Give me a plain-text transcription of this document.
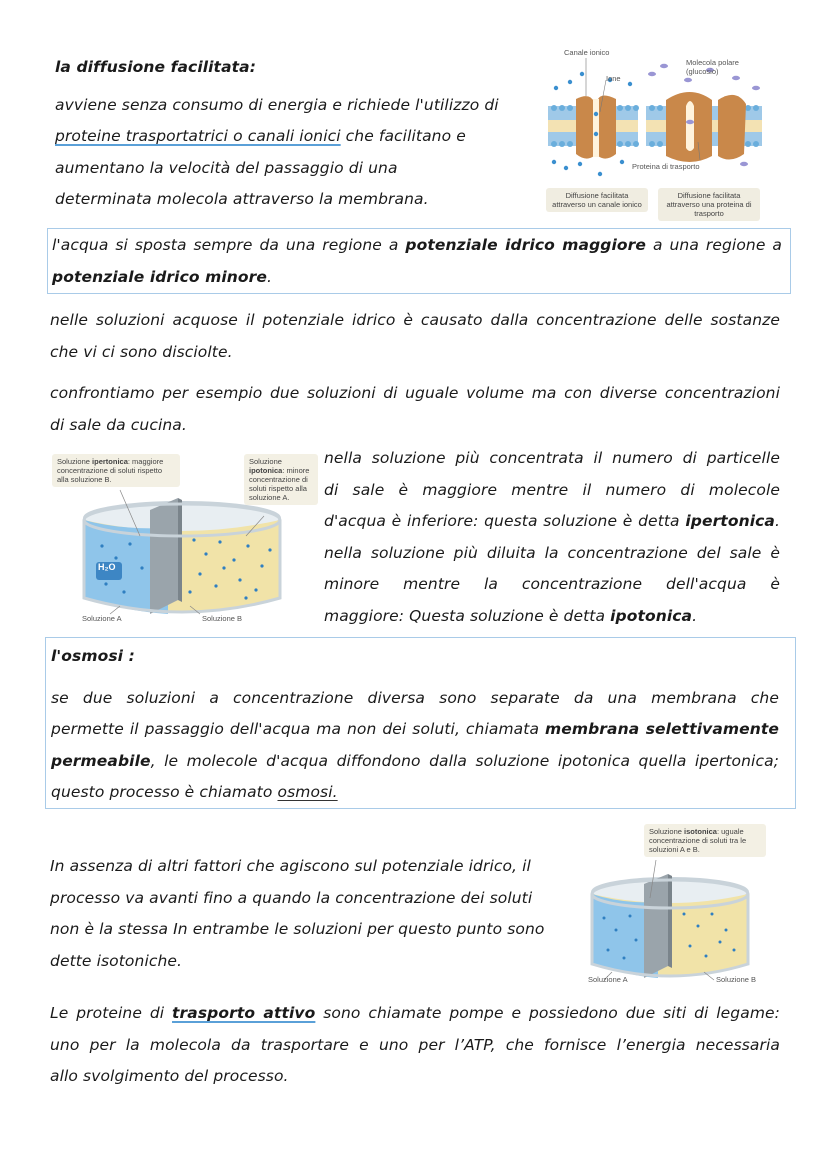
la diffusione facilitata:
avviene senza consumo di energia e richiede l'utilizzo di
proteine trasportatrici o canali ionici che facilitano e
aumentano la velocità del passaggio di una
determinata molecola attraverso la membrana.
Canale ionico
Ione
Molecola polare (glucosio)
Proteina di trasporto
Diffusione facilitata attraverso un canale ionico
Diffusione facilitata attraverso una proteina di trasporto
l'acqua si sposta sempre da una regione a potenziale idrico maggiore a una regione a
potenziale idrico minore.
nelle soluzioni acquose il potenziale idrico è causato dalla concentrazione delle sostanze
che vi ci sono disciolte.
confrontiamo per esempio due soluzioni di uguale volume ma con diverse concentrazioni
di sale da cucina.
H₂O
Soluzione ipertonica: maggiore concentrazione di soluti rispetto alla soluzione B.
Soluzione ipotonica: minore concentrazione di soluti rispetto alla soluzione A.
Soluzione A	Soluzione B
nella soluzione più concentrata il numero di particelle
di sale è maggiore mentre il numero di molecole
d'acqua è inferiore: questa soluzione è detta ipertonica.
nella soluzione più diluita la concentrazione del sale è
minore mentre la concentrazione dell'acqua è
maggiore: Questa soluzione è detta ipotonica.
l'osmosi :
se due soluzioni a concentrazione diversa sono separate da una membrana che
permette il passaggio dell'acqua ma non dei soluti, chiamata membrana selettivamente
permeabile, le molecole d'acqua diffondono dalla soluzione ipotonica quella ipertonica;
questo processo è chiamato osmosi.
In assenza di altri fattori che agiscono sul potenziale idrico, il
processo va avanti fino a quando la concentrazione dei soluti
non è la stessa In entrambe le soluzioni per questo punto sono
dette isotoniche.
Soluzione isotonica: uguale concentrazione di soluti tra le soluzioni A e B.
Soluzione A	Soluzione B
Le proteine di trasporto attivo sono chiamate pompe e possiedono due siti di legame:
uno per la molecola da trasportare e uno per l’ATP, che fornisce l’energia necessaria
allo svolgimento del processo.
